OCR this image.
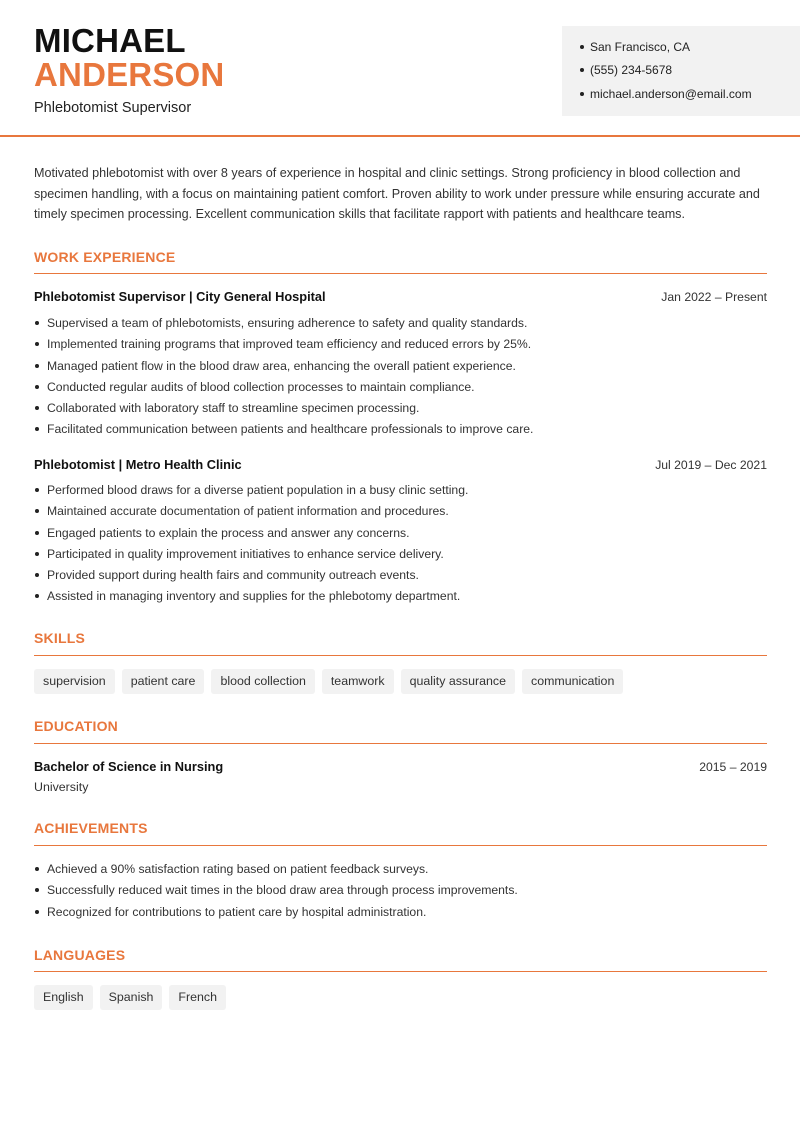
MICHAEL
ANDERSON
Phlebotomist Supervisor
San Francisco, CA
(555) 234-5678
michael.anderson@email.com

Motivated phlebotomist with over 8 years of experience in hospital and clinic settings. Strong proficiency in blood collection and specimen handling, with a focus on maintaining patient comfort. Proven ability to work under pressure while ensuring accurate and timely specimen processing. Excellent communication skills that facilitate rapport with patients and healthcare teams.

WORK EXPERIENCE
Phlebotomist Supervisor | City General Hospital	Jan 2022 – Present
Supervised a team of phlebotomists, ensuring adherence to safety and quality standards.
Implemented training programs that improved team efficiency and reduced errors by 25%.
Managed patient flow in the blood draw area, enhancing the overall patient experience.
Conducted regular audits of blood collection processes to maintain compliance.
Collaborated with laboratory staff to streamline specimen processing.
Facilitated communication between patients and healthcare professionals to improve care.
Phlebotomist | Metro Health Clinic	Jul 2019 – Dec 2021
Performed blood draws for a diverse patient population in a busy clinic setting.
Maintained accurate documentation of patient information and procedures.
Engaged patients to explain the process and answer any concerns.
Participated in quality improvement initiatives to enhance service delivery.
Provided support during health fairs and community outreach events.
Assisted in managing inventory and supplies for the phlebotomy department.
SKILLS
supervision	patient care	blood collection	teamwork	quality assurance	communication
EDUCATION
Bachelor of Science in Nursing	2015 – 2019
University
ACHIEVEMENTS
Achieved a 90% satisfaction rating based on patient feedback surveys.
Successfully reduced wait times in the blood draw area through process improvements.
Recognized for contributions to patient care by hospital administration.
LANGUAGES
English	Spanish	French
